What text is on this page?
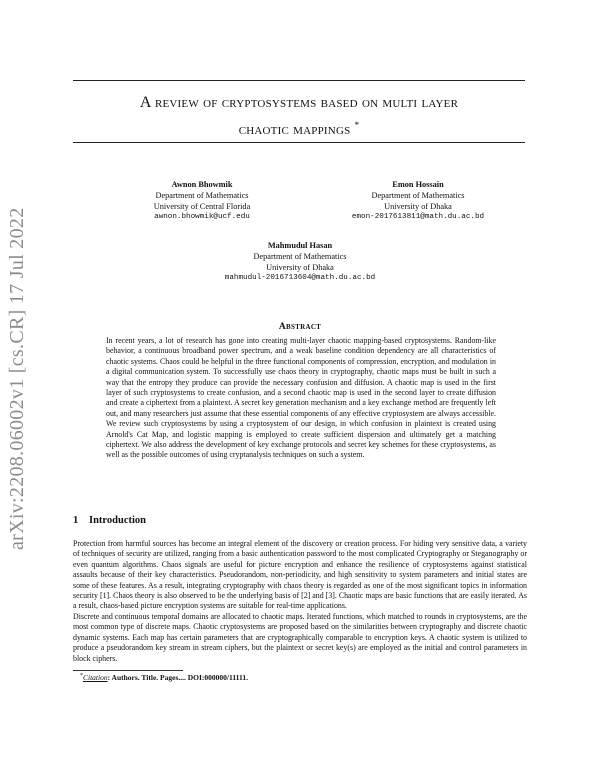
arXiv:2208.06002v1 [cs.CR] 17 Jul 2022
A review of cryptosystems based on multi layer
chaotic mappings *
Awnon Bhowmik
Department of Mathematics
University of Central Florida
awnon.bhowmik@ucf.edu
Emon Hossain
Department of Mathematics
University of Dhaka
emon-2017613811@math.du.ac.bd
Mahmudul Hasan
Department of Mathematics
University of Dhaka
mahmudul-2016713604@math.du.ac.bd
Abstract
In recent years, a lot of research has gone into creating multi-layer chaotic mapping-based cryptosystems. Random-like behavior, a continuous broadband power spectrum, and a weak baseline condition dependency are all characteristics of chaotic systems. Chaos could be helpful in the three functional components of compression, encryption, and modulation in a digital communication system. To successfully use chaos theory in cryptography, chaotic maps must be built in such a way that the entropy they produce can provide the necessary confusion and diffusion. A chaotic map is used in the first layer of such cryptosystems to create confusion, and a second chaotic map is used in the second layer to create diffusion and create a ciphertext from a plaintext. A secret key generation mechanism and a key exchange method are frequently left out, and many researchers just assume that these essential components of any effective cryptosystem are always accessible. We review such cryptosystems by using a cryptosystem of our design, in which confusion in plaintext is created using Arnold's Cat Map, and logistic mapping is employed to create sufficient dispersion and ultimately get a matching ciphertext. We also address the development of key exchange protocols and secret key schemes for these cryptosystems, as well as the possible outcomes of using cryptanalysis techniques on such a system.
1 Introduction
Protection from harmful sources has become an integral element of the discovery or creation process. For hiding very sensitive data, a variety of techniques of security are utilized, ranging from a basic authentication password to the most complicated Cryptography or Steganography or even quantum algorithms. Chaos signals are useful for picture encryption and enhance the resilience of cryptosystems against statistical assaults because of their key characteristics. Pseudorandom, non-periodicity, and high sensitivity to system parameters and initial states are some of these features. As a result, integrating cryptography with chaos theory is regarded as one of the most significant topics in information security [1]. Chaos theory is also observed to be the underlying basis of [2] and [3]. Chaotic maps are basic functions that are easily iterated. As a result, chaos-based picture encryption systems are suitable for real-time applications.
Discrete and continuous temporal domains are allocated to chaotic maps. Iterated functions, which matched to rounds in cryptosystems, are the most common type of discrete maps. Chaotic cryptosystems are proposed based on the similarities between cryptography and discrete chaotic dynamic systems. Each map has certain parameters that are cryptographically comparable to encryption keys. A chaotic system is utilized to produce a pseudorandom key stream in stream ciphers, but the plaintext or secret key(s) are employed as the initial and control parameters in block ciphers.
*Citation: Authors. Title. Pages.... DOI:000000/11111.
